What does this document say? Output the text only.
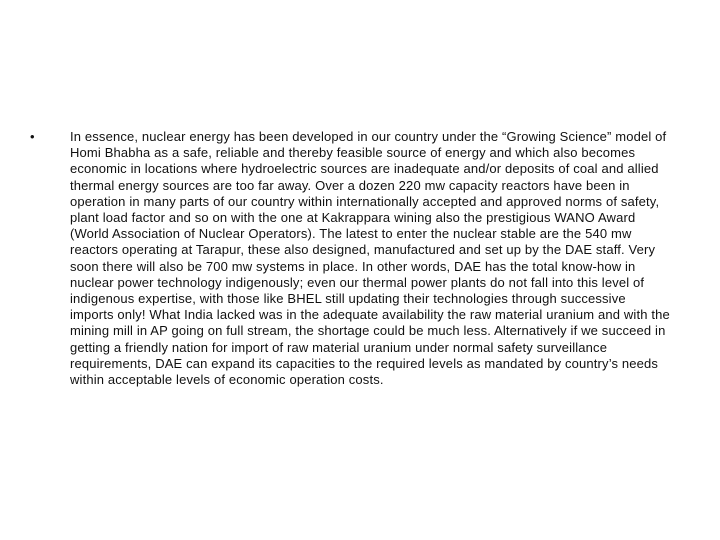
•	In essence, nuclear energy has been developed in our country under the “Growing Science” model of Homi Bhabha as a safe, reliable and thereby feasible source of energy and which also becomes economic in locations where hydroelectric sources are inadequate and/or deposits of coal and allied thermal energy sources are too far away. Over a dozen 220 mw capacity reactors have been in operation in many parts of our country within internationally accepted and approved norms of safety, plant load factor and so on with the one at Kakrappara wining also the prestigious WANO Award (World Association of Nuclear Operators). The latest to enter the nuclear stable are the 540 mw reactors operating at Tarapur, these also designed, manufactured and set up by the DAE staff. Very soon there will also be 700 mw systems in place. In other words, DAE has the total know-how in nuclear power technology indigenously; even our thermal power plants do not fall into this level of indigenous expertise, with those like BHEL still updating their technologies through successive imports only! What India lacked was in the adequate availability the raw material uranium and with the mining mill in AP going on full stream, the shortage could be much less. Alternatively if we succeed in getting a friendly nation for import of raw material uranium under normal safety surveillance requirements, DAE can expand its capacities to the required levels as mandated by country’s needs within acceptable levels of economic operation costs.
